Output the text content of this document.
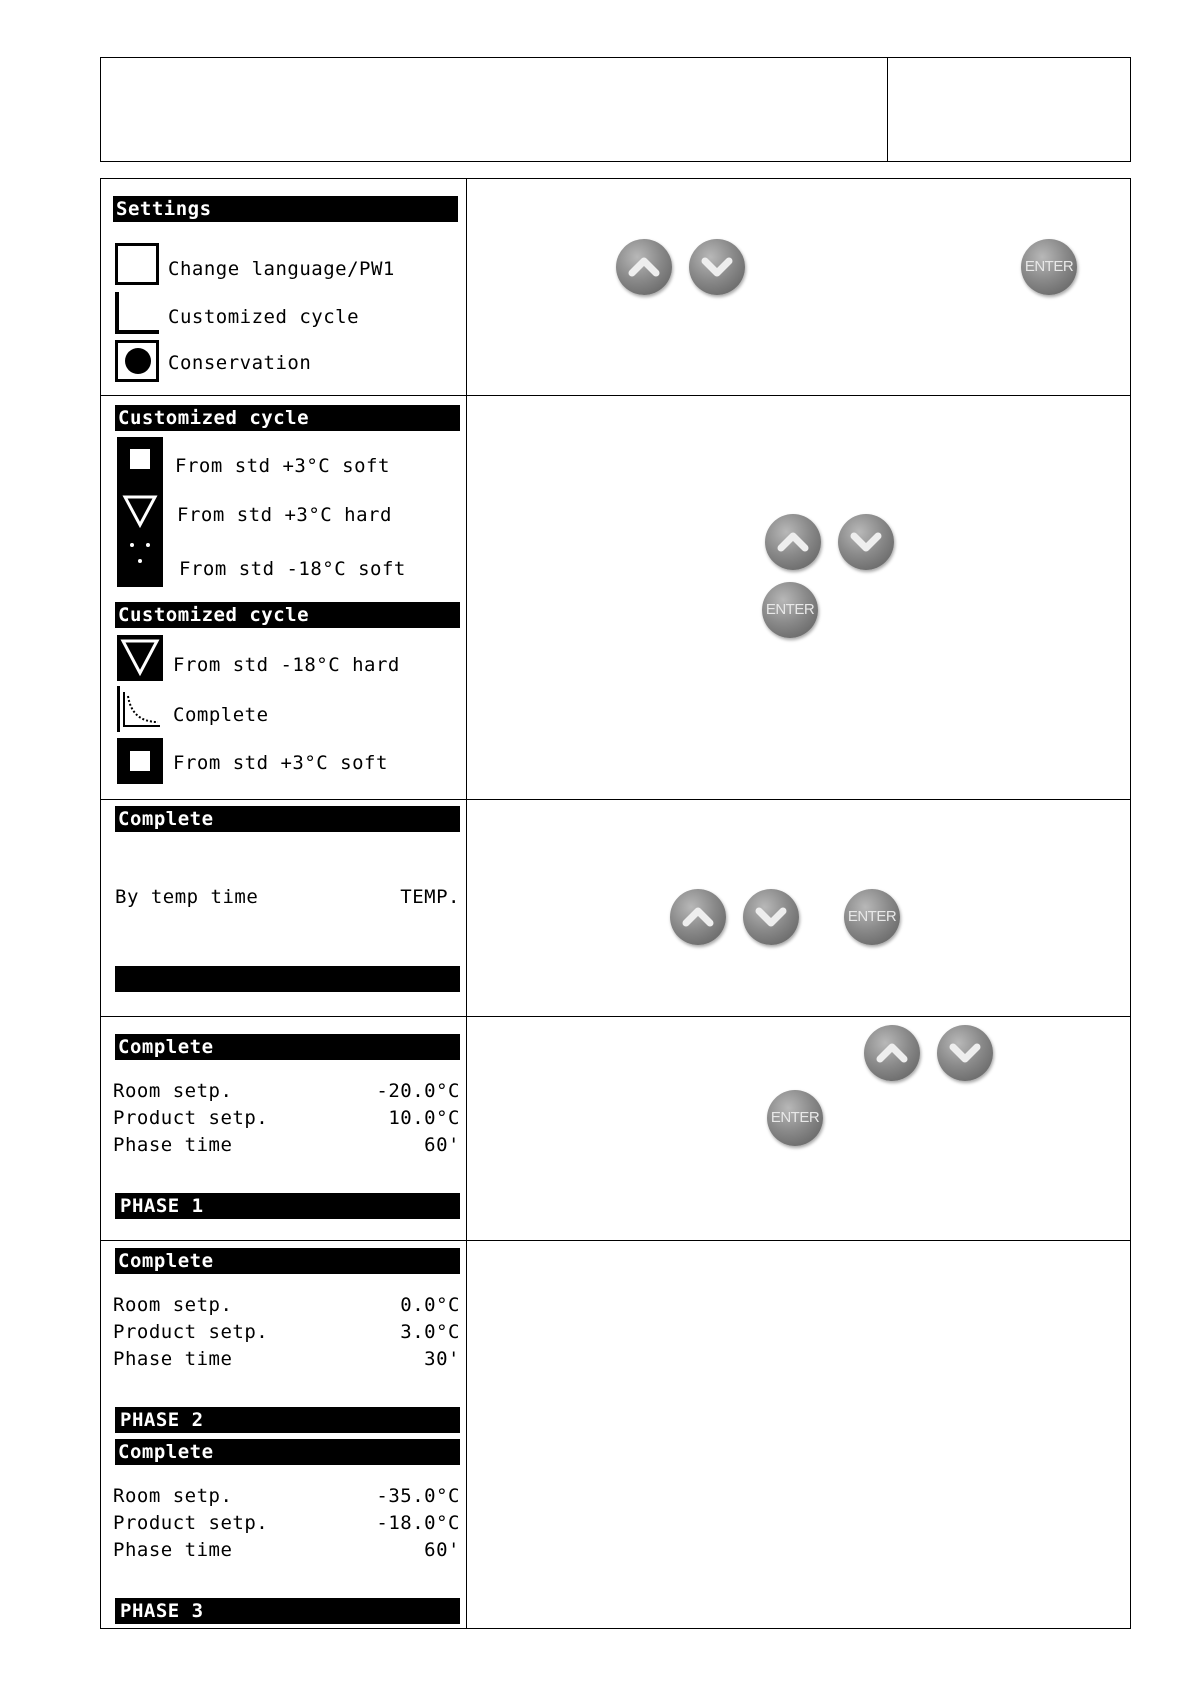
Settings
Change language/PW1
Customized cycle
Conservation
ENTER
Customized cycle
From std +3°C soft
From std +3°C hard
From std -18°C soft
Customized cycle
From std -18°C hard
Complete
From std +3°C soft
ENTER
Complete
By temp time	TEMP.
ENTER
Complete
Room setp.	-20.0°C
Product setp.	10.0°C
Phase time	60'
PHASE 1
ENTER
Complete
Room setp.	0.0°C
Product setp.	3.0°C
Phase time	30'
PHASE 2
Complete
Room setp.	-35.0°C
Product setp.	-18.0°C
Phase time	60'
PHASE 3
